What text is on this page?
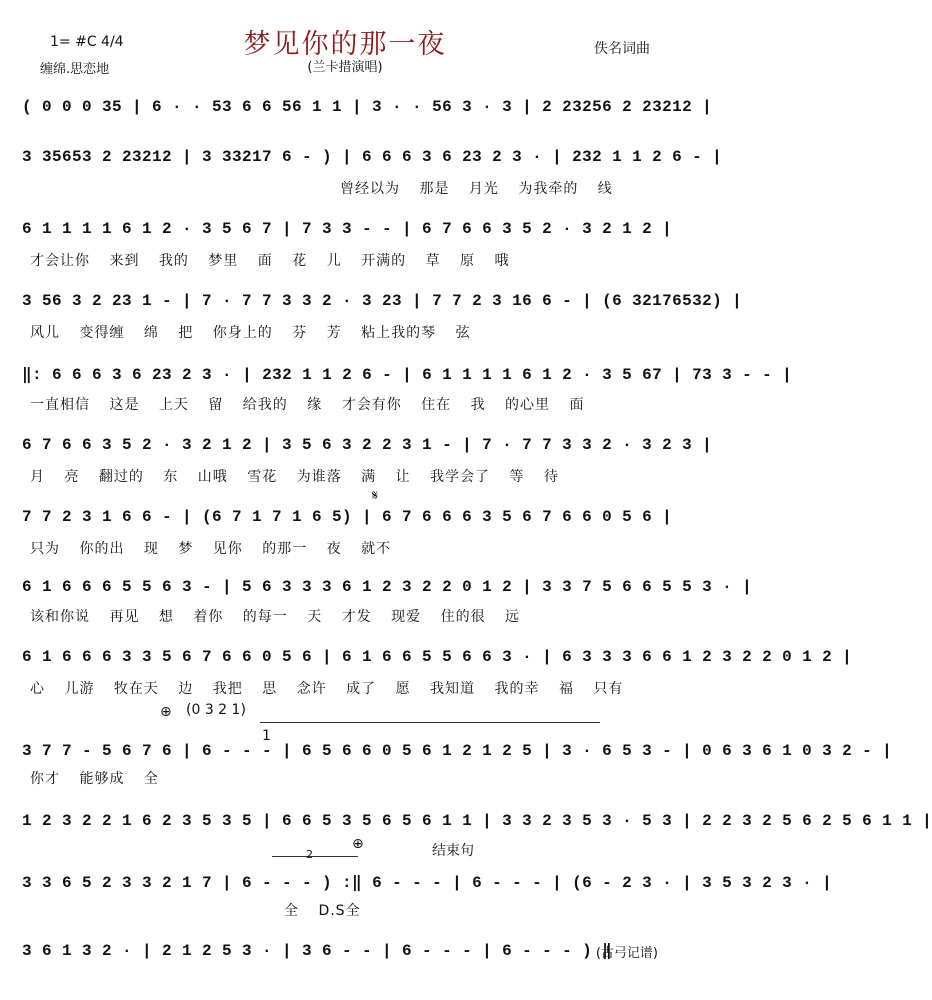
梦见你的那一夜
(兰卡措演唱)
1= #C 4/4
缠绵.思恋地
佚名词曲
( 0 0 0 35 | 6 · · 53 6 6 56 1 1 | 3 · · 56 3 · 3 | 2 23256 2 23212 |
3 35653 2 23212 | 3 33217 6 - ) | 6 6 6 3 6 23 2 3 · | 232 1 1 2 6 - |
曾经以为 那是 月光 为我牵的 线
6 1 1 1 1 6 1 2 · 3 5 6 7 | 7 3 3 - - | 6 7 6 6 3 5 2 · 3 2 1 2 |
才会让你 来到 我的 梦里 面 花 儿 开满的 草 原 哦
3 56 3 2 23 1 - | 7 · 7 7 3 3 2 · 3 23 | 7 7 2 3 16 6 - | (6 32176532) |
风儿 变得缠 绵 把 你身上的 芬 芳 粘上我的琴 弦
‖: 6 6 6 3 6 23 2 3 · | 232 1 1 2 6 - | 6 1 1 1 1 6 1 2 · 3 5 67 | 73 3 - - |
一直相信 这是 上天 留 给我的 缘 才会有你 住在 我 的心里 面
6 7 6 6 3 5 2 · 3 2 1 2 | 3 5 6 3 2 2 3 1 - | 7 · 7 7 3 3 2 · 3 2 3 |
月 亮 翻过的 东 山哦 雪花 为谁落 满 让 我学会了 等 待
𝄋
7 7 2 3 1 6 6 - | (6 7 1 7 1 6 5) | 6 7 6 6 6 3 5 6 7 6 6 0 5 6 |
只为 你的出 现 梦 见你 的那一 夜 就不
6 1 6 6 6 5 5 6 3 - | 5 6 3 3 3 6 1 2 3 2 2 0 1 2 | 3 3 7 5 6 6 5 5 3 · |
该和你说 再见 想 着你 的每一 天 才发 现爱 住的很 远
6 1 6 6 6 3 3 5 6 7 6 6 0 5 6 | 6 1 6 6 5 5 6 6 3 · | 6 3 3 3 6 6 1 2 3 2 2 0 1 2 |
心 儿游 牧在天 边 我把 思 念许 成了 愿 我知道 我的幸 福 只有
⊕ (0 3 2 1)
1
3 7 7 - 5 6 7 6 | 6 - - - | 6 5 6 6 0 5 6 1 2 1 2 5 | 3 · 6 5 3 - | 0 6 3 6 1 0 3 2 - |
你才 能够成 全
1 2 3 2 2 1 6 2 3 5 3 5 | 6 6 5 3 5 6 5 6 1 1 | 3 3 2 3 5 3 · 5 3 | 2 2 3 2 5 6 2 5 6 1 1 |
2
⊕	结束句
3 3 6 5 2 3 3 2 1 7 | 6 - - - ) :‖ 6 - - - | 6 - - - | (6 - 2 3 · | 3 5 3 2 3 · |
全 D.S全
3 6 1 3 2 · | 2 1 2 5 3 · | 3 6 - - | 6 - - - | 6 - - - ) ‖
(古弓记谱)
